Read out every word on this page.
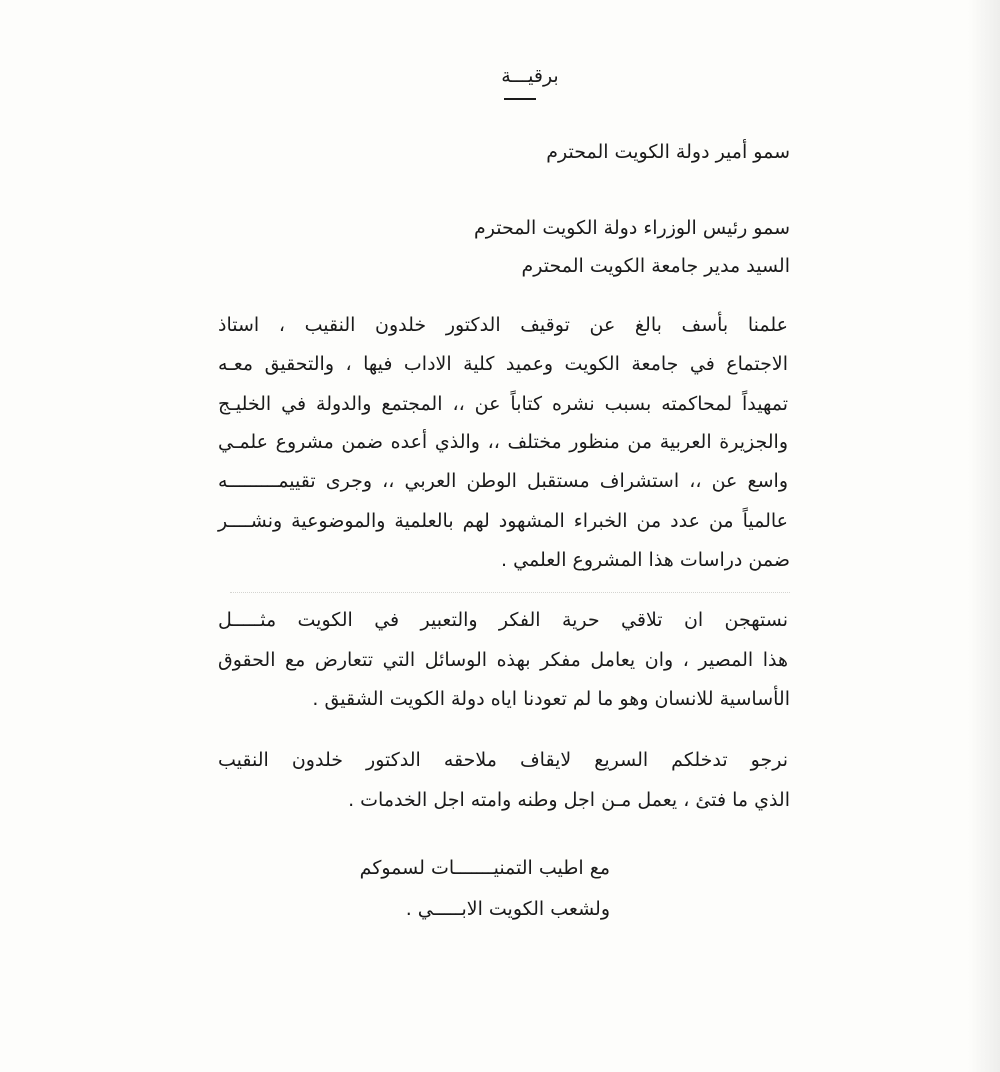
برقيـــة
سمو أمير دولة الكويت المحترم
سمو رئيس الوزراء دولة الكويت المحترم
السيد مدير جامعة الكويت المحترم
علمنا بأسف بالغ عن توقيف الدكتور خلدون النقيب ، استاذ
الاجتماع في جامعة الكويت وعميد كلية الاداب فيها ، والتحقيق معـه
تمهيداً لمحاكمته بسبب نشره كتاباً عن ،، المجتمع والدولة في الخليـج
والجزيرة العربية من منظور مختلف ،، والذي أعده ضمن مشروع علمـي
واسع عن ،، استشراف مستقبل الوطن العربي ،، وجرى تقييمـــــــــه
عالمياً من عدد من الخبراء المشهود لهم بالعلمية والموضوعية ونشــــر
ضمن دراسات هذا المشروع العلمي .
نستهجن ان تلاقي حرية الفكر والتعبير في الكويت مثـــــل
هذا المصير ، وان يعامل مفكر بهذه الوسائل التي تتعارض مع الحقوق
الأساسية للانسان وهو ما لم تعودنا اياه دولة الكويت الشقيق .
نرجو تدخلكم السريع لايقاف ملاحقه الدكتور خلدون النقيب
الذي ما فتئ ، يعمل مـن اجل وطنه وامته اجل الخدمات .
مع اطيب التمنيـــــــات لسموكم
ولشعب الكويت الابـــــي .
